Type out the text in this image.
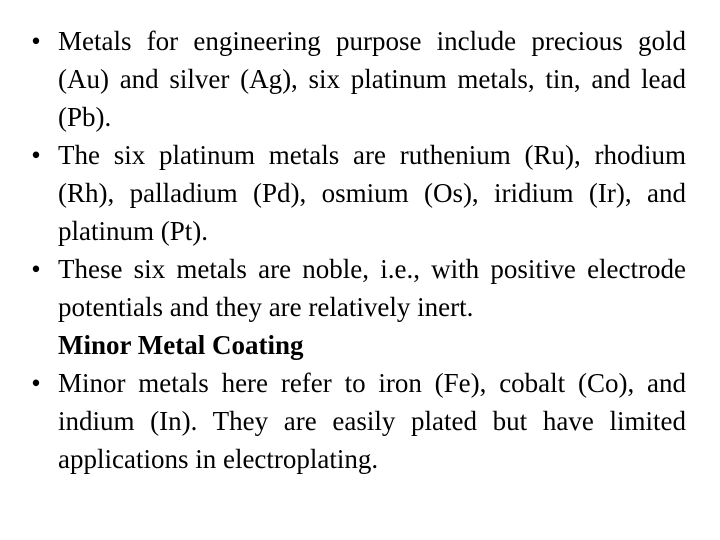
• Metals for engineering purpose include precious gold (Au) and silver (Ag), six platinum metals, tin, and lead (Pb).
• The six platinum metals are ruthenium (Ru), rhodium (Rh), palladium (Pd), osmium (Os), iridium (Ir), and platinum (Pt).
• These six metals are noble, i.e., with positive electrode potentials and they are relatively inert.
Minor Metal Coating
• Minor metals here refer to iron (Fe), cobalt (Co), and indium (In). They are easily plated but have limited applications in electroplating.
